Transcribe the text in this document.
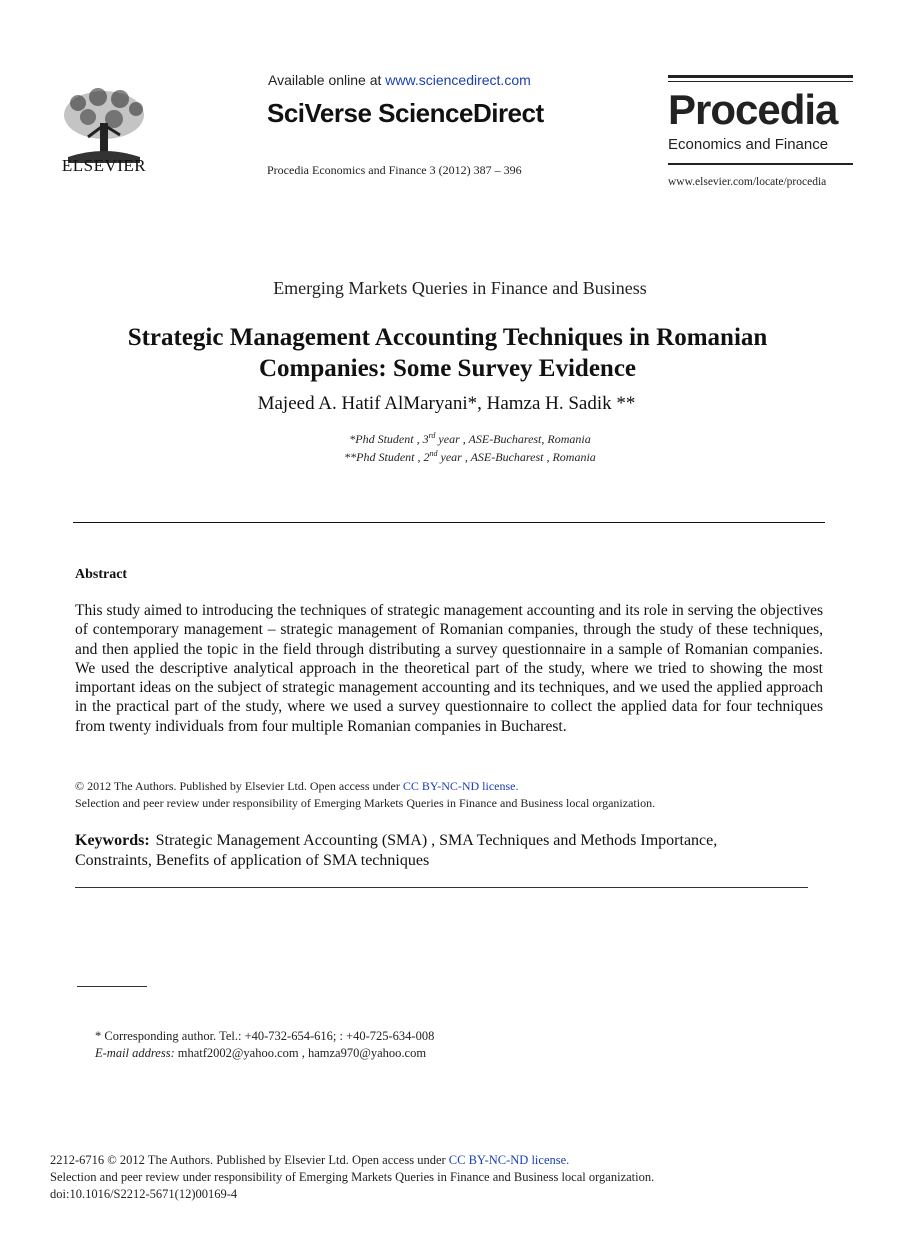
ELSEVIER
Available online at www.sciencedirect.com
SciVerse ScienceDirect
Procedia Economics and Finance 3 (2012) 387 – 396
Procedia
Economics and Finance
www.elsevier.com/locate/procedia
Emerging Markets Queries in Finance and Business
Strategic Management Accounting Techniques in Romanian
Companies: Some Survey Evidence
Majeed A. Hatif AlMaryani*, Hamza H. Sadik **
*Phd Student , 3rd year , ASE-Bucharest, Romania
**Phd Student , 2nd year , ASE-Bucharest , Romania
Abstract
This study aimed to introducing the techniques of strategic management accounting and its role in serving the objectives of contemporary management – strategic management of Romanian companies, through the study of these techniques, and then applied the topic in the field through distributing a survey questionnaire in a sample of Romanian companies. We used the descriptive analytical approach in the theoretical part of the study, where we tried to showing the most important ideas on the subject of strategic management accounting and its techniques, and we used the applied approach in the practical part of the study, where we used a survey questionnaire to collect the applied data for four techniques from twenty individuals from four multiple Romanian companies in Bucharest.
© 2012 The Authors. Published by Elsevier Ltd. Open access under CC BY-NC-ND license.
Selection and peer review under responsibility of Emerging Markets Queries in Finance and Business local organization.
Keywords: Strategic Management Accounting (SMA) , SMA Techniques and Methods Importance,
Constraints, Benefits of application of SMA techniques
* Corresponding author. Tel.: +40-732-654-616; : +40-725-634-008
E-mail address: mhatf2002@yahoo.com , hamza970@yahoo.com
2212-6716 © 2012 The Authors. Published by Elsevier Ltd. Open access under CC BY-NC-ND license.
Selection and peer review under responsibility of Emerging Markets Queries in Finance and Business local organization.
doi:10.1016/S2212-5671(12)00169-4
